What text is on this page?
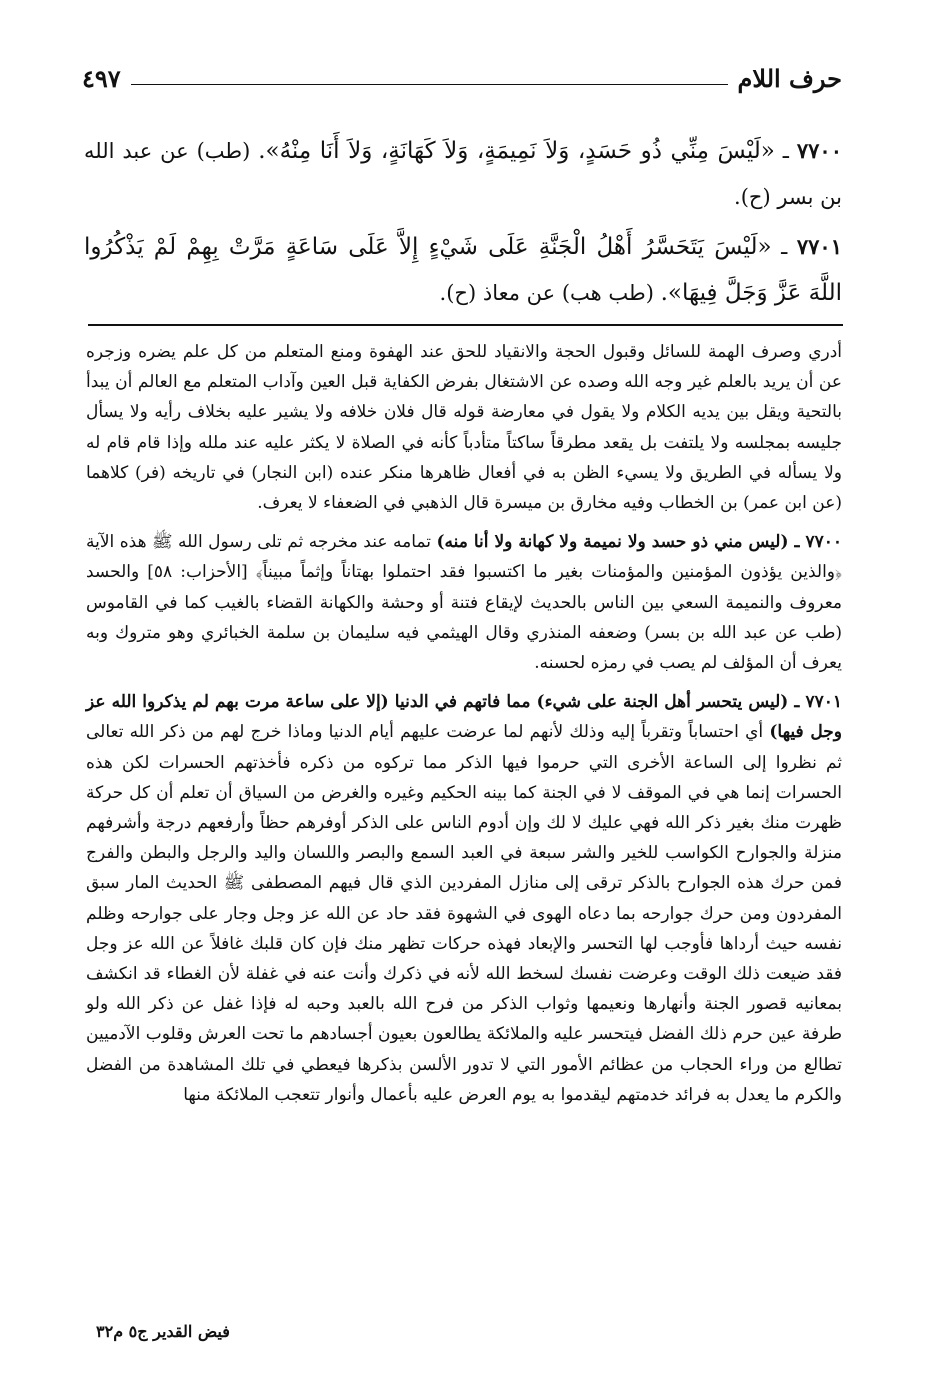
حرف اللام
٤٩٧

٧٧٠٠ ـ «لَيْسَ مِنِّي ذُو حَسَدٍ، وَلاَ نَمِيمَةٍ، وَلاَ كَهَانَةٍ، وَلاَ أَنَا مِنْهُ». (طب) عن عبد الله بن بسر (ح).

٧٧٠١ ـ «لَيْسَ يَتَحَسَّرُ أَهْلُ الْجَنَّةِ عَلَى شَيْءٍ إِلاَّ عَلَى سَاعَةٍ مَرَّتْ بِهِمْ لَمْ يَذْكُرُوا اللَّهَ عَزَّ وَجَلَّ فِيهَا». (طب هب) عن معاذ (ح).

أدري وصرف الهمة للسائل وقبول الحجة والانقياد للحق عند الهفوة ومنع المتعلم من كل علم يضره وزجره عن أن يريد بالعلم غير وجه الله وصده عن الاشتغال بفرض الكفاية قبل العين وآداب المتعلم مع العالم أن يبدأ بالتحية ويقل بين يديه الكلام ولا يقول في معارضة قوله قال فلان خلافه ولا يشير عليه بخلاف رأيه ولا يسأل جليسه بمجلسه ولا يلتفت بل يقعد مطرقاً ساكتاً متأدباً كأنه في الصلاة لا يكثر عليه عند ملله وإذا قام قام له ولا يسأله في الطريق ولا يسيء الظن به في أفعال ظاهرها منكر عنده (ابن النجار) في تاريخه (فر) كلاهما (عن ابن عمر) بن الخطاب وفيه مخارق بن ميسرة قال الذهبي في الضعفاء لا يعرف.

٧٧٠٠ ـ (ليس مني ذو حسد ولا نميمة ولا كهانة ولا أنا منه) تمامه عند مخرجه ثم تلى رسول الله ﷺ هذه الآية ﴿والذين يؤذون المؤمنين والمؤمنات بغير ما اكتسبوا فقد احتملوا بهتاناً وإثماً مبيناً﴾ [الأحزاب: ٥٨] والحسد معروف والنميمة السعي بين الناس بالحديث لإيقاع فتنة أو وحشة والكهانة القضاء بالغيب كما في القاموس (طب عن عبد الله بن بسر) وضعفه المنذري وقال الهيثمي فيه سليمان بن سلمة الخبائري وهو متروك وبه يعرف أن المؤلف لم يصب في رمزه لحسنه.

٧٧٠١ ـ (ليس يتحسر أهل الجنة على شيء) مما فاتهم في الدنيا (إلا على ساعة مرت بهم لم يذكروا الله عز وجل فيها) أي احتساباً وتقرباً إليه وذلك لأنهم لما عرضت عليهم أيام الدنيا وماذا خرج لهم من ذكر الله تعالى ثم نظروا إلى الساعة الأخرى التي حرموا فيها الذكر مما تركوه من ذكره فأخذتهم الحسرات لكن هذه الحسرات إنما هي في الموقف لا في الجنة كما بينه الحكيم وغيره والغرض من السياق أن تعلم أن كل حركة ظهرت منك بغير ذكر الله فهي عليك لا لك وإن أدوم الناس على الذكر أوفرهم حظاً وأرفعهم درجة وأشرفهم منزلة والجوارح الكواسب للخير والشر سبعة في العبد السمع والبصر واللسان واليد والرجل والبطن والفرج فمن حرك هذه الجوارح بالذكر ترقى إلى منازل المفردين الذي قال فيهم المصطفى ﷺ الحديث المار سبق المفردون ومن حرك جوارحه بما دعاه الهوى في الشهوة فقد حاد عن الله عز وجل وجار على جوارحه وظلم نفسه حيث أرداها فأوجب لها التحسر والإبعاد فهذه حركات تظهر منك فإن كان قلبك غافلاً عن الله عز وجل فقد ضيعت ذلك الوقت وعرضت نفسك لسخط الله لأنه في ذكرك وأنت عنه في غفلة لأن الغطاء قد انكشف بمعانيه قصور الجنة وأنهارها ونعيمها وثواب الذكر من فرح الله بالعبد وحبه له فإذا غفل عن ذكر الله ولو طرفة عين حرم ذلك الفضل فيتحسر عليه والملائكة يطالعون بعيون أجسادهم ما تحت العرش وقلوب الآدميين تطالع من وراء الحجاب من عظائم الأمور التي لا تدور الألسن بذكرها فيعطي في تلك المشاهدة من الفضل والكرم ما يعدل به فرائد خدمتهم ليقدموا به يوم العرض عليه بأعمال وأنوار تتعجب الملائكة منها

فيض القدير ج٥ م٣٢
